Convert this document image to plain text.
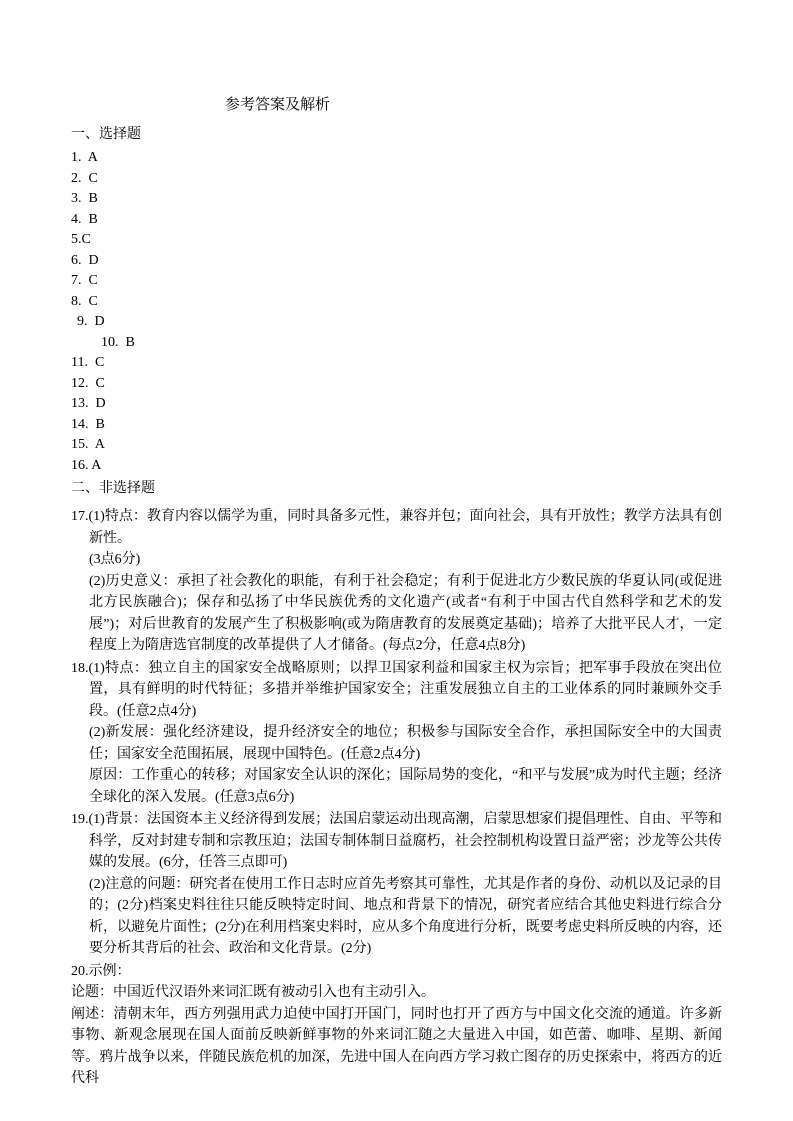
参考答案及解析
一、选择题
1.  A
2.  C
3.  B
4.  B
5.C
6.  D
7.  C
8.  C
9.  D
10.  B
11.  C
12.  C
13.  D
14.  B
15.  A
16. A
二、非选择题

17.(1)特点：教育内容以儒学为重，同时具备多元性，兼容并包；面向社会，具有开放性；教学方法具有创新性。

(3点6分)

(2)历史意义：承担了社会教化的职能，有利于社会稳定；有利于促进北方少数民族的华夏认同(或促进北方民族融合)；保存和弘扬了中华民族优秀的文化遗产(或者“有利于中国古代自然科学和艺术的发展”)；对后世教育的发展产生了积极影响(或为隋唐教育的发展奠定基础)；培养了大批平民人才，一定程度上为隋唐选官制度的改革提供了人才储备。(每点2分，任意4点8分)

18.(1)特点：独立自主的国家安全战略原则；以捍卫国家利益和国家主权为宗旨；把军事手段放在突出位置，具有鲜明的时代特征；多措并举维护国家安全；注重发展独立自主的工业体系的同时兼顾外交手段。(任意2点4分)

(2)新发展：强化经济建设，提升经济安全的地位；积极参与国际安全合作，承担国际安全中的大国责任；国家安全范围拓展，展现中国特色。(任意2点4分)

原因：工作重心的转移；对国家安全认识的深化；国际局势的变化，“和平与发展”成为时代主题；经济全球化的深入发展。(任意3点6分)

19.(1)背景：法国资本主义经济得到发展；法国启蒙运动出现高潮，启蒙思想家们提倡理性、自由、平等和科学，反对封建专制和宗教压迫；法国专制体制日益腐朽，社会控制机构设置日益严密；沙龙等公共传媒的发展。(6分，任答三点即可)

(2)注意的问题：研究者在使用工作日志时应首先考察其可靠性，尤其是作者的身份、动机以及记录的目的；(2分)档案史料往往只能反映特定时间、地点和背景下的情况，研究者应结合其他史料进行综合分析，以避免片面性；(2分)在利用档案史料时，应从多个角度进行分析，既要考虑史料所反映的内容，还要分析其背后的社会、政治和文化背景。(2分)

20.示例：

论题：中国近代汉语外来词汇既有被动引入也有主动引入。

阐述：清朝末年，西方列强用武力迫使中国打开国门，同时也打开了西方与中国文化交流的通道。许多新事物、新观念展现在国人面前反映新鲜事物的外来词汇随之大量进入中国，如芭蕾、咖啡、星期、新闻等。鸦片战争以来，伴随民族危机的加深，先进中国人在向西方学习救亡图存的历史探索中，将西方的近代科
